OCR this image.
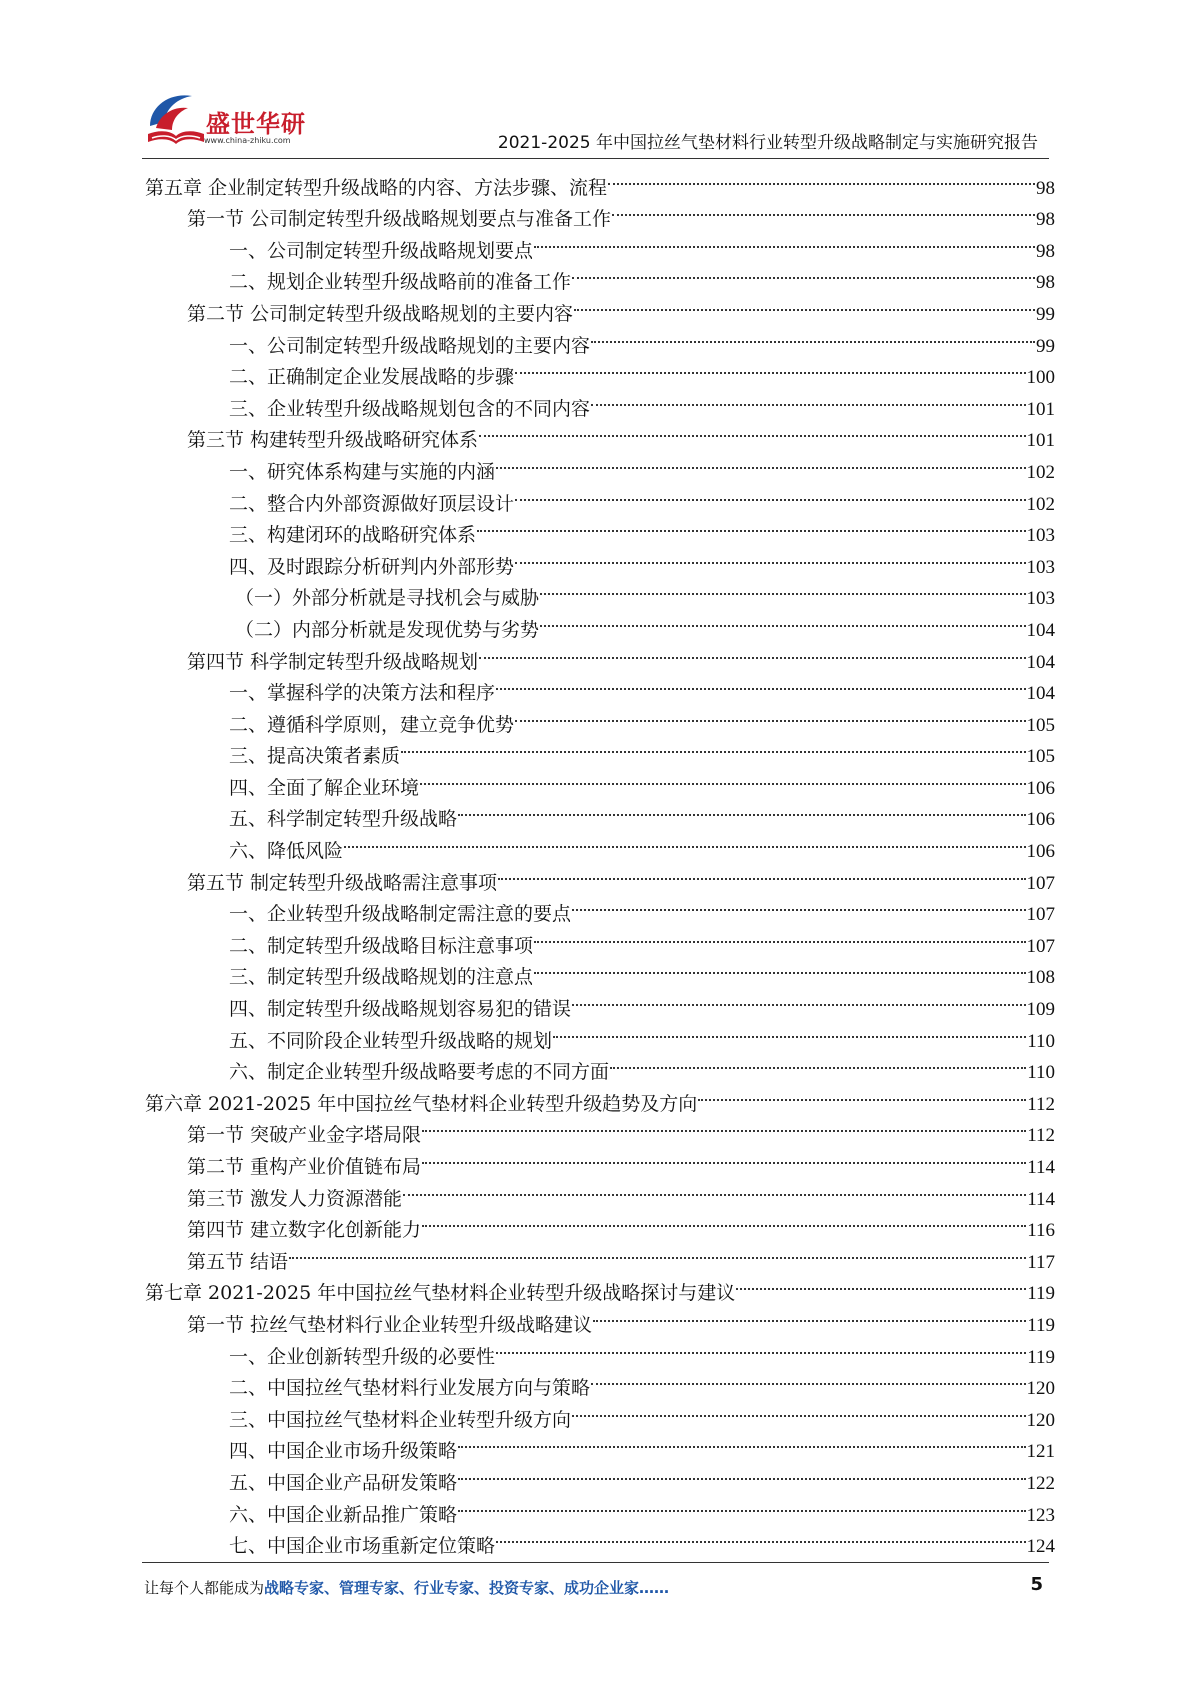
盛世华研
www.china-zhiku.com	2021-2025 年中国拉丝气垫材料行业转型升级战略制定与实施研究报告
第五章 企业制定转型升级战略的内容、方法步骤、流程	98
第一节 公司制定转型升级战略规划要点与准备工作	98
一、公司制定转型升级战略规划要点	98
二、规划企业转型升级战略前的准备工作	98
第二节 公司制定转型升级战略规划的主要内容	99
一、公司制定转型升级战略规划的主要内容	99
二、正确制定企业发展战略的步骤	100
三、企业转型升级战略规划包含的不同内容	101
第三节 构建转型升级战略研究体系	101
一、研究体系构建与实施的内涵	102
二、整合内外部资源做好顶层设计	102
三、构建闭环的战略研究体系	103
四、及时跟踪分析研判内外部形势	103
（一）外部分析就是寻找机会与威胁	103
（二）内部分析就是发现优势与劣势	104
第四节 科学制定转型升级战略规划	104
一、掌握科学的决策方法和程序	104
二、遵循科学原则，建立竞争优势	105
三、提高决策者素质	105
四、全面了解企业环境	106
五、科学制定转型升级战略	106
六、降低风险	106
第五节 制定转型升级战略需注意事项	107
一、企业转型升级战略制定需注意的要点	107
二、制定转型升级战略目标注意事项	107
三、制定转型升级战略规划的注意点	108
四、制定转型升级战略规划容易犯的错误	109
五、不同阶段企业转型升级战略的规划	110
六、制定企业转型升级战略要考虑的不同方面	110
第六章 2021-2025 年中国拉丝气垫材料企业转型升级趋势及方向	112
第一节 突破产业金字塔局限	112
第二节 重构产业价值链布局	114
第三节 激发人力资源潜能	114
第四节 建立数字化创新能力	116
第五节 结语	117
第七章 2021-2025 年中国拉丝气垫材料企业转型升级战略探讨与建议	119
第一节 拉丝气垫材料行业企业转型升级战略建议	119
一、企业创新转型升级的必要性	119
二、中国拉丝气垫材料行业发展方向与策略	120
三、中国拉丝气垫材料企业转型升级方向	120
四、中国企业市场升级策略	121
五、中国企业产品研发策略	122
六、中国企业新品推广策略	123
七、中国企业市场重新定位策略	124
让每个人都能成为战略专家、管理专家、行业专家、投资专家、成功企业家……	5
